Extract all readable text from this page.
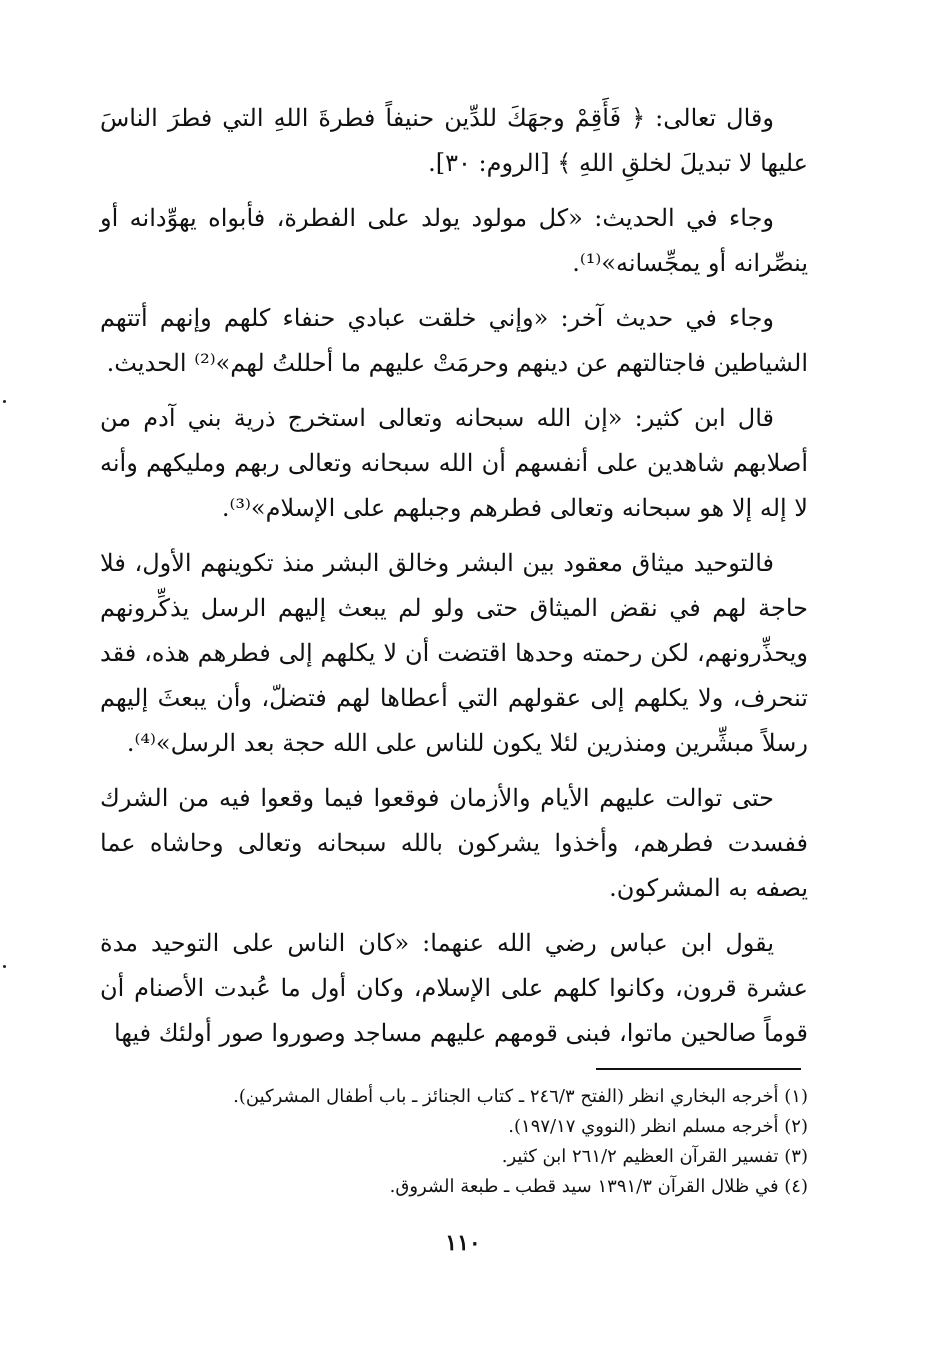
وقال تعالى: ﴿ فَأَقِمْ وجهَكَ للدِّين حنيفاً فطرةَ اللهِ التي فطرَ الناسَ عليها لا تبديلَ لخلقِ اللهِ ﴾ [الروم: ٣٠].

وجاء في الحديث: «كل مولود يولد على الفطرة، فأبواه يهوِّدانه أو ينصِّرانه أو يمجِّسانه»⁽¹⁾.

وجاء في حديث آخر: «وإني خلقت عبادي حنفاء كلهم وإنهم أتتهم الشياطين فاجتالتهم عن دينهم وحرمَتْ عليهم ما أحللتُ لهم»⁽²⁾ الحديث.

قال ابن كثير: «إن الله سبحانه وتعالى استخرج ذرية بني آدم من أصلابهم شاهدين على أنفسهم أن الله سبحانه وتعالى ربهم ومليكهم وأنه لا إله إلا هو سبحانه وتعالى فطرهم وجبلهم على الإسلام»⁽³⁾.

فالتوحيد ميثاق معقود بين البشر وخالق البشر منذ تكوينهم الأول، فلا حاجة لهم في نقض الميثاق حتى ولو لم يبعث إليهم الرسل يذكِّرونهم ويحذِّرونهم، لكن رحمته وحدها اقتضت أن لا يكلهم إلى فطرهم هذه، فقد تنحرف، ولا يكلهم إلى عقولهم التي أعطاها لهم فتضلّ، وأن يبعثَ إليهم رسلاً مبشِّرين ومنذرين لئلا يكون للناس على الله حجة بعد الرسل»⁽⁴⁾.

حتى توالت عليهم الأيام والأزمان فوقعوا فيما وقعوا فيه من الشرك ففسدت فطرهم، وأخذوا يشركون بالله سبحانه وتعالى وحاشاه عما يصفه به المشركون.

يقول ابن عباس رضي الله عنهما: «كان الناس على التوحيد مدة عشرة قرون، وكانوا كلهم على الإسلام، وكان أول ما عُبدت الأصنام أن قوماً صالحين ماتوا، فبنى قومهم عليهم مساجد وصوروا صور أولئك فيها

(١) أخرجه البخاري انظر (الفتح ٢٤٦/٣ ـ كتاب الجنائز ـ باب أطفال المشركين).

(٢) أخرجه مسلم انظر (النووي ١٩٧/١٧).

(٣) تفسير القرآن العظيم ٢٦١/٢ ابن كثير.

(٤) في ظلال القرآن ١٣٩١/٣ سيد قطب ـ طبعة الشروق.

١١٠
